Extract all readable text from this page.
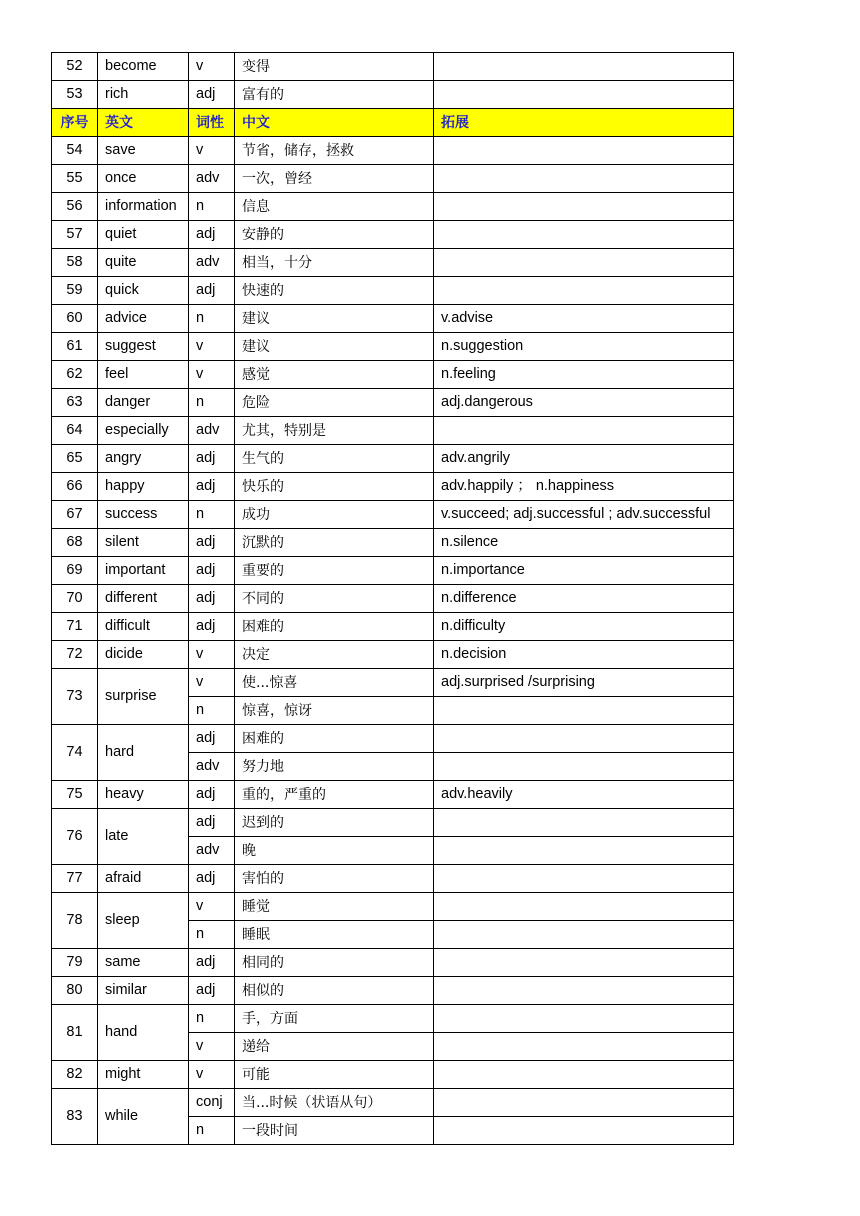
52	become	v	变得	
53	rich	adj	富有的	
序号	英文	词性	中文	拓展
54	save	v	节省，储存，拯救	
55	once	adv	一次，曾经	
56	information	n	信息	
57	quiet	adj	安静的	
58	quite	adv	相当，十分	
59	quick	adj	快速的	
60	advice	n	建议	v.advise
61	suggest	v	建议	n.suggestion
62	feel	v	感觉	n.feeling
63	danger	n	危险	adj.dangerous
64	especially	adv	尤其，特别是	
65	angry	adj	生气的	adv.angrily
66	happy	adj	快乐的	adv.happily ； n.happiness
67	success	n	成功	v.succeed; adj.successful ; adv.successful
68	silent	adj	沉默的	n.silence
69	important	adj	重要的	n.importance
70	different	adj	不同的	n.difference
71	difficult	adj	困难的	n.difficulty
72	dicide	v	决定	n.decision
73	surprise	v	使...惊喜	adj.surprised /surprising
		n	惊喜，惊讶	
74	hard	adj	困难的	
		adv	努力地	
75	heavy	adj	重的，严重的	adv.heavily
76	late	adj	迟到的	
		adv	晚	
77	afraid	adj	害怕的	
78	sleep	v	睡觉	
		n	睡眠	
79	same	adj	相同的	
80	similar	adj	相似的	
81	hand	n	手，方面	
		v	递给	
82	might	v	可能	
83	while	conj	当...时候（状语从句）	
		n	一段时间	
